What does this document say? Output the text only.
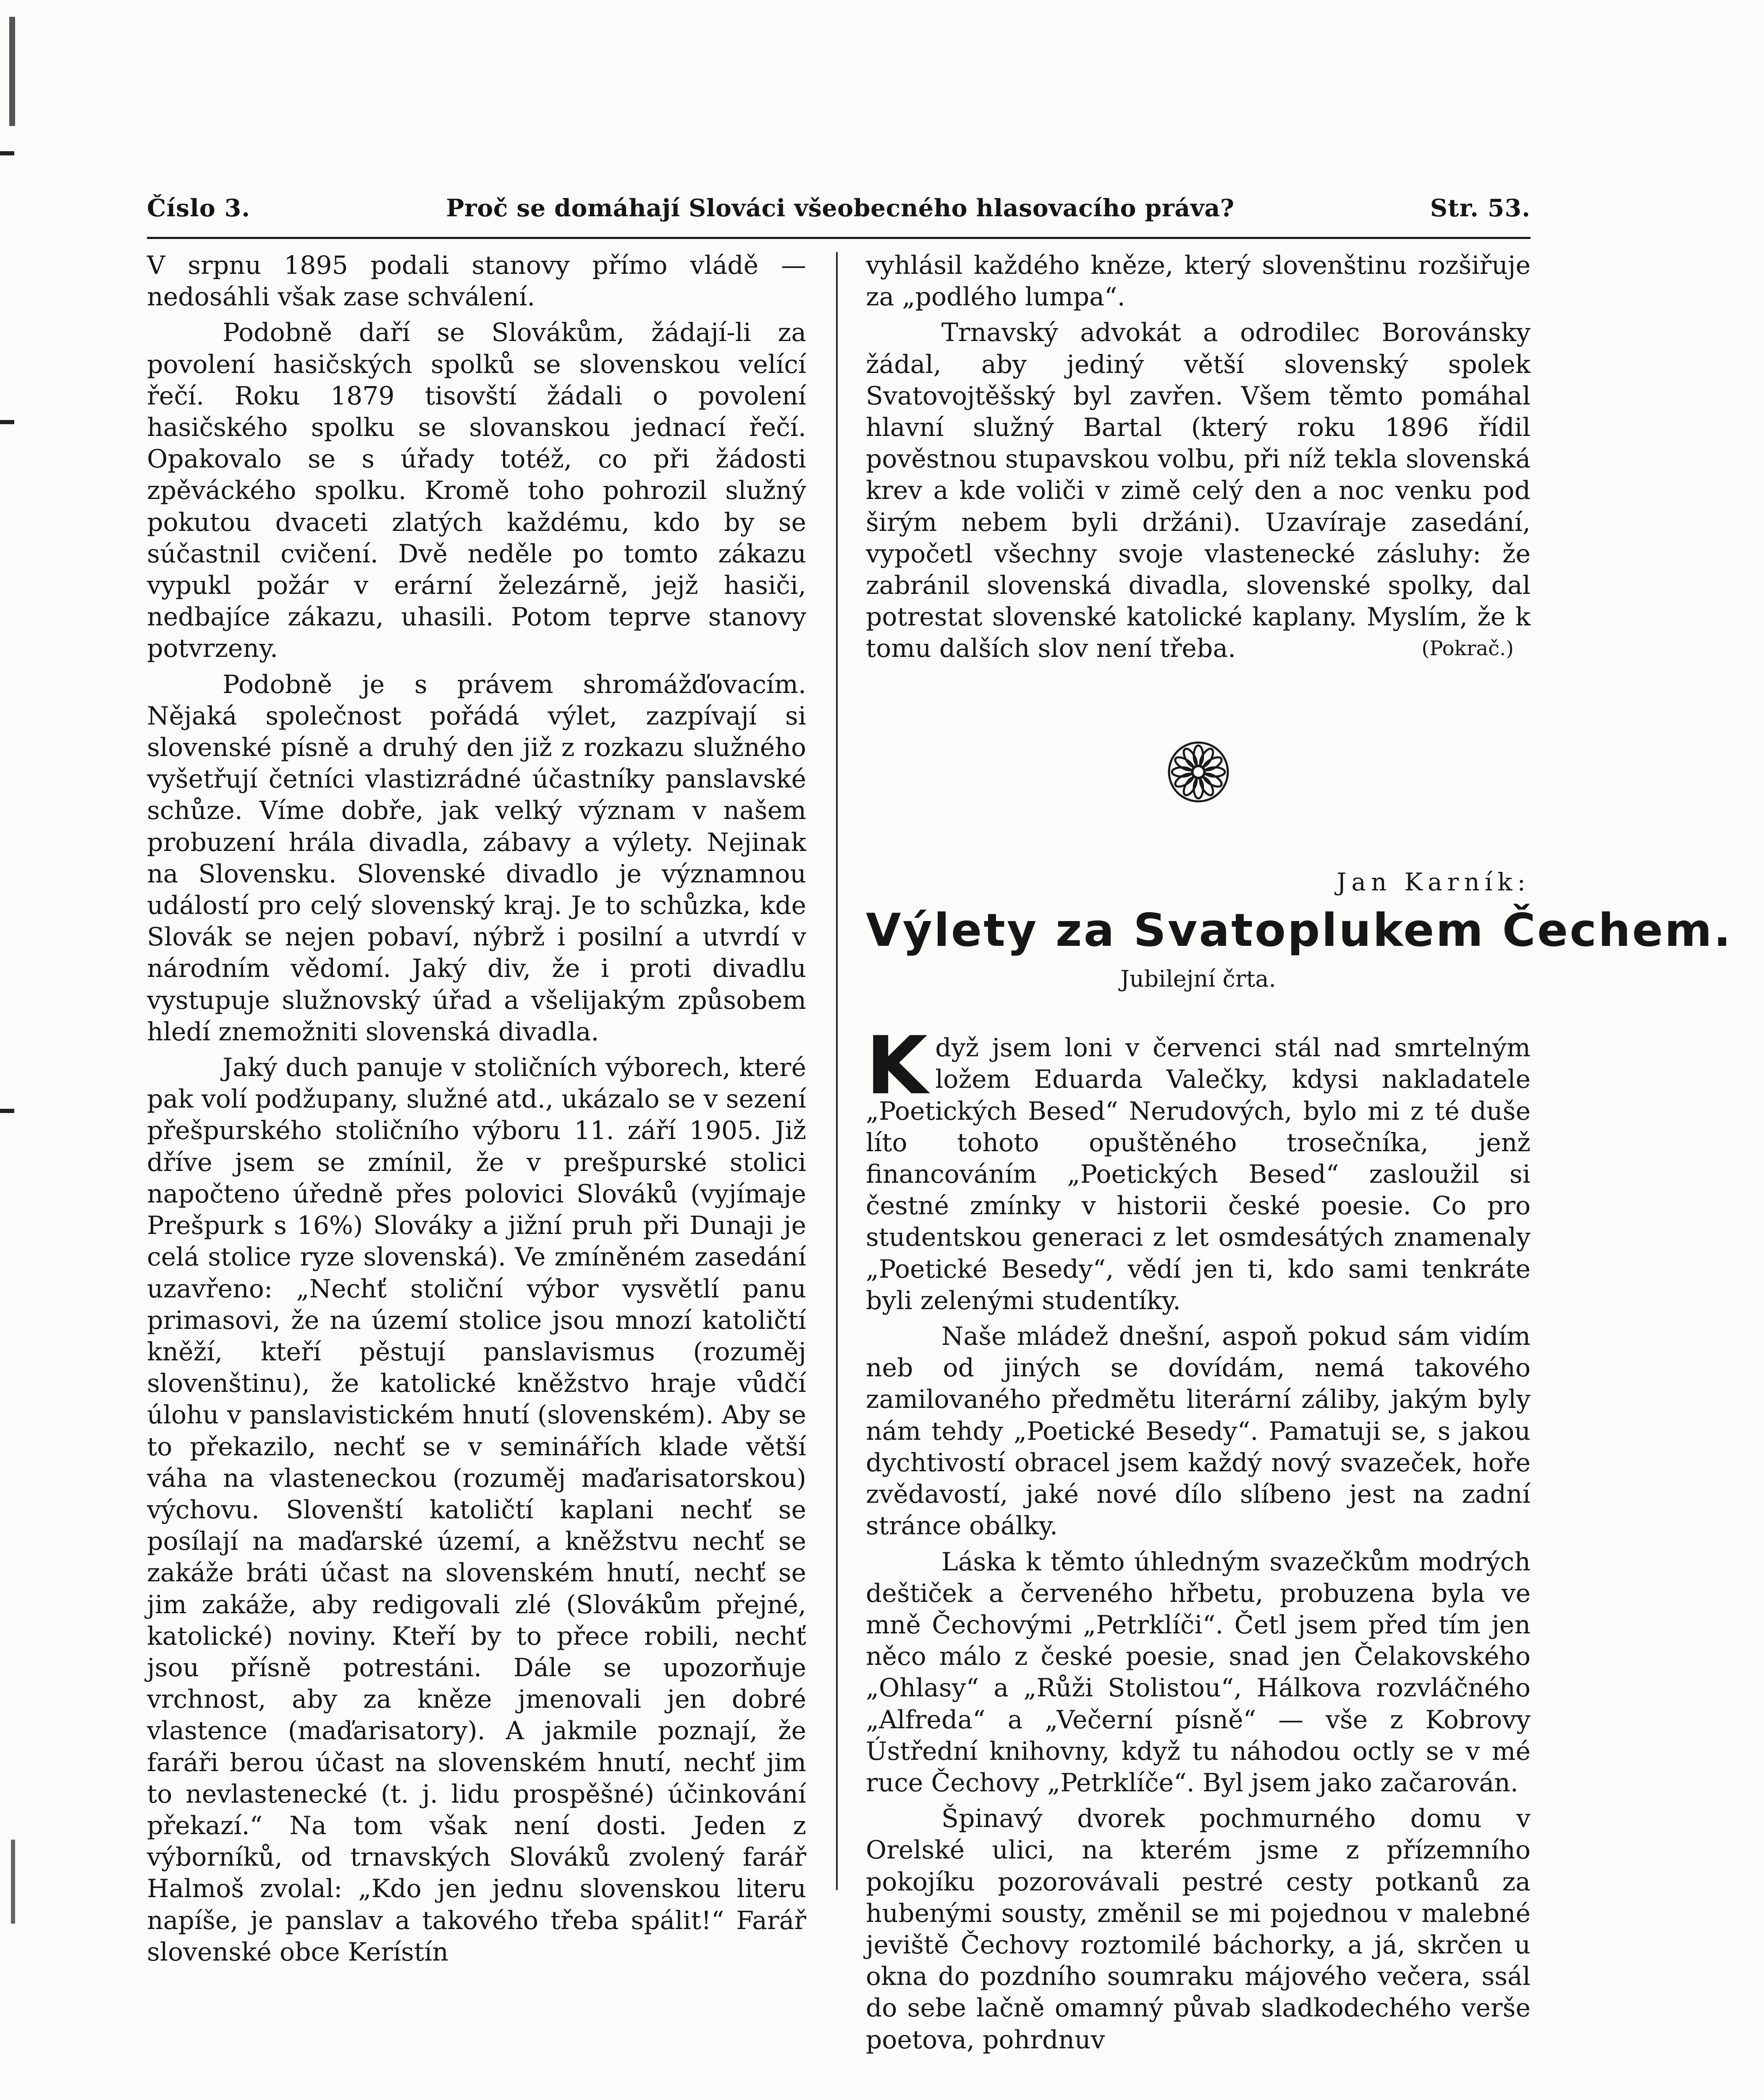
Číslo 3.	Proč se domáhají Slováci všeobecného hlasovacího práva?	Str. 53.

V srpnu 1895 podali stanovy přímo vládě — nedosáhli však zase schválení.

Podobně daří se Slovákům, žádají-li za povolení hasičských spolků se slovenskou velící řečí. Roku 1879 tisovští žádali o povolení hasičského spolku se slovanskou jednací řečí. Opakovalo se s úřady totéž, co při žádosti zpěváckého spolku. Kromě toho pohrozil služný pokutou dvaceti zlatých každému, kdo by se súčastnil cvičení. Dvě neděle po tomto zákazu vypukl požár v erární železárně, jejž hasiči, nedbajíce zákazu, uhasili. Potom teprve stanovy potvrzeny.

Podobně je s právem shromážďovacím. Nějaká společnost pořádá výlet, zazpívají si slovenské písně a druhý den již z rozkazu služného vyšetřují četníci vlastizrádné účastníky panslavské schůze. Víme dobře, jak velký význam v našem probuzení hrála divadla, zábavy a výlety. Nejinak na Slovensku. Slovenské divadlo je významnou událostí pro celý slovenský kraj. Je to schůzka, kde Slovák se nejen pobaví, nýbrž i posilní a utvrdí v národním vědomí. Jaký div, že i proti divadlu vystupuje služnovský úřad a všelijakým způsobem hledí znemožniti slovenská divadla.

Jaký duch panuje v stoličních výborech, které pak volí podžupany, služné atd., ukázalo se v sezení přešpurského stoličního výboru 11. září 1905. Již dříve jsem se zmínil, že v prešpurské stolici napočteno úředně přes polovici Slováků (vyjímaje Prešpurk s 16%) Slováky a jižní pruh při Dunaji je celá stolice ryze slovenská). Ve zmíněném zasedání uzavřeno: „Nechť stoliční výbor vysvětlí panu primasovi, že na území stolice jsou mnozí katoličtí kněží, kteří pěstují panslavismus (rozuměj slovenštinu), že katolické kněžstvo hraje vůdčí úlohu v panslavistickém hnutí (slovenském). Aby se to překazilo, nechť se v seminářích klade větší váha na vlasteneckou (rozuměj maďarisatorskou) výchovu. Slovenští katoličtí kaplani nechť se posílají na maďarské území, a kněžstvu nechť se zakáže bráti účast na slovenském hnutí, nechť se jim zakáže, aby redigovali zlé (Slovákům přejné, katolické) noviny. Kteří by to přece robili, nechť jsou přísně potrestáni. Dále se upozorňuje vrchnost, aby za kněze jmenovali jen dobré vlastence (maďarisatory). A jakmile poznají, že faráři berou účast na slovenském hnutí, nechť jim to nevlastenecké (t. j. lidu prospěšné) účinkování překazí.“ Na tom však není dosti. Jeden z výborníků, od trnavských Slováků zvolený farář Halmoš zvolal: „Kdo jen jednu slovenskou literu napíše, je panslav a takového třeba spálit!“ Farář slovenské obce Kerístín

vyhlásil každého kněze, který slovenštinu rozšiřuje za „podlého lumpa“.

Trnavský advokát a odrodilec Borovánsky žádal, aby jediný větší slovenský spolek Svatovojtěšský byl zavřen. Všem těmto pomáhal hlavní služný Bartal (který roku 1896 řídil pověstnou stupavskou volbu, při níž tekla slovenská krev a kde voliči v zimě celý den a noc venku pod širým nebem byli držáni). Uzavíraje zasedání, vypočetl všechny svoje vlastenecké zásluhy: že zabránil slovenská divadla, slovenské spolky, dal potrestat slovenské katolické kaplany. Myslím, že k tomu dalších slov není třeba.	(Pokrač.)

Jan Karník:
Výlety za Svatoplukem Čechem.
Jubilejní črta.

Když jsem loni v červenci stál nad smrtelným ložem Eduarda Valečky, kdysi nakladatele „Poetických Besed“ Nerudových, bylo mi z té duše líto tohoto opuštěného trosečníka, jenž financováním „Poetických Besed“ zasloužil si čestné zmínky v historii české poesie. Co pro studentskou generaci z let osmdesátých znamenaly „Poetické Besedy“, vědí jen ti, kdo sami tenkráte byli zelenými studentíky.

Naše mládež dnešní, aspoň pokud sám vidím neb od jiných se dovídám, nemá takového zamilovaného předmětu literární záliby, jakým byly nám tehdy „Poetické Besedy“. Pamatuji se, s jakou dychtivostí obracel jsem každý nový svazeček, hoře zvědavostí, jaké nové dílo slíbeno jest na zadní stránce obálky.

Láska k těmto úhledným svazečkům modrých deštiček a červeného hřbetu, probuzena byla ve mně Čechovými „Petrklíči“. Četl jsem před tím jen něco málo z české poesie, snad jen Čelakovského „Ohlasy“ a „Růži Stolistou“, Hálkova rozvláčného „Alfreda“ a „Večerní písně“ — vše z Kobrovy Ústřední knihovny, když tu náhodou octly se v mé ruce Čechovy „Petrklíče“. Byl jsem jako začarován.

Špinavý dvorek pochmurného domu v Orelské ulici, na kterém jsme z přízemního pokojíku pozorovávali pestré cesty potkanů za hubenými sousty, změnil se mi pojednou v malebné jeviště Čechovy roztomilé báchorky, a já, skrčen u okna do pozdního soumraku májového večera, ssál do sebe lačně omamný půvab sladkodechého verše poetova, pohrdnuv
